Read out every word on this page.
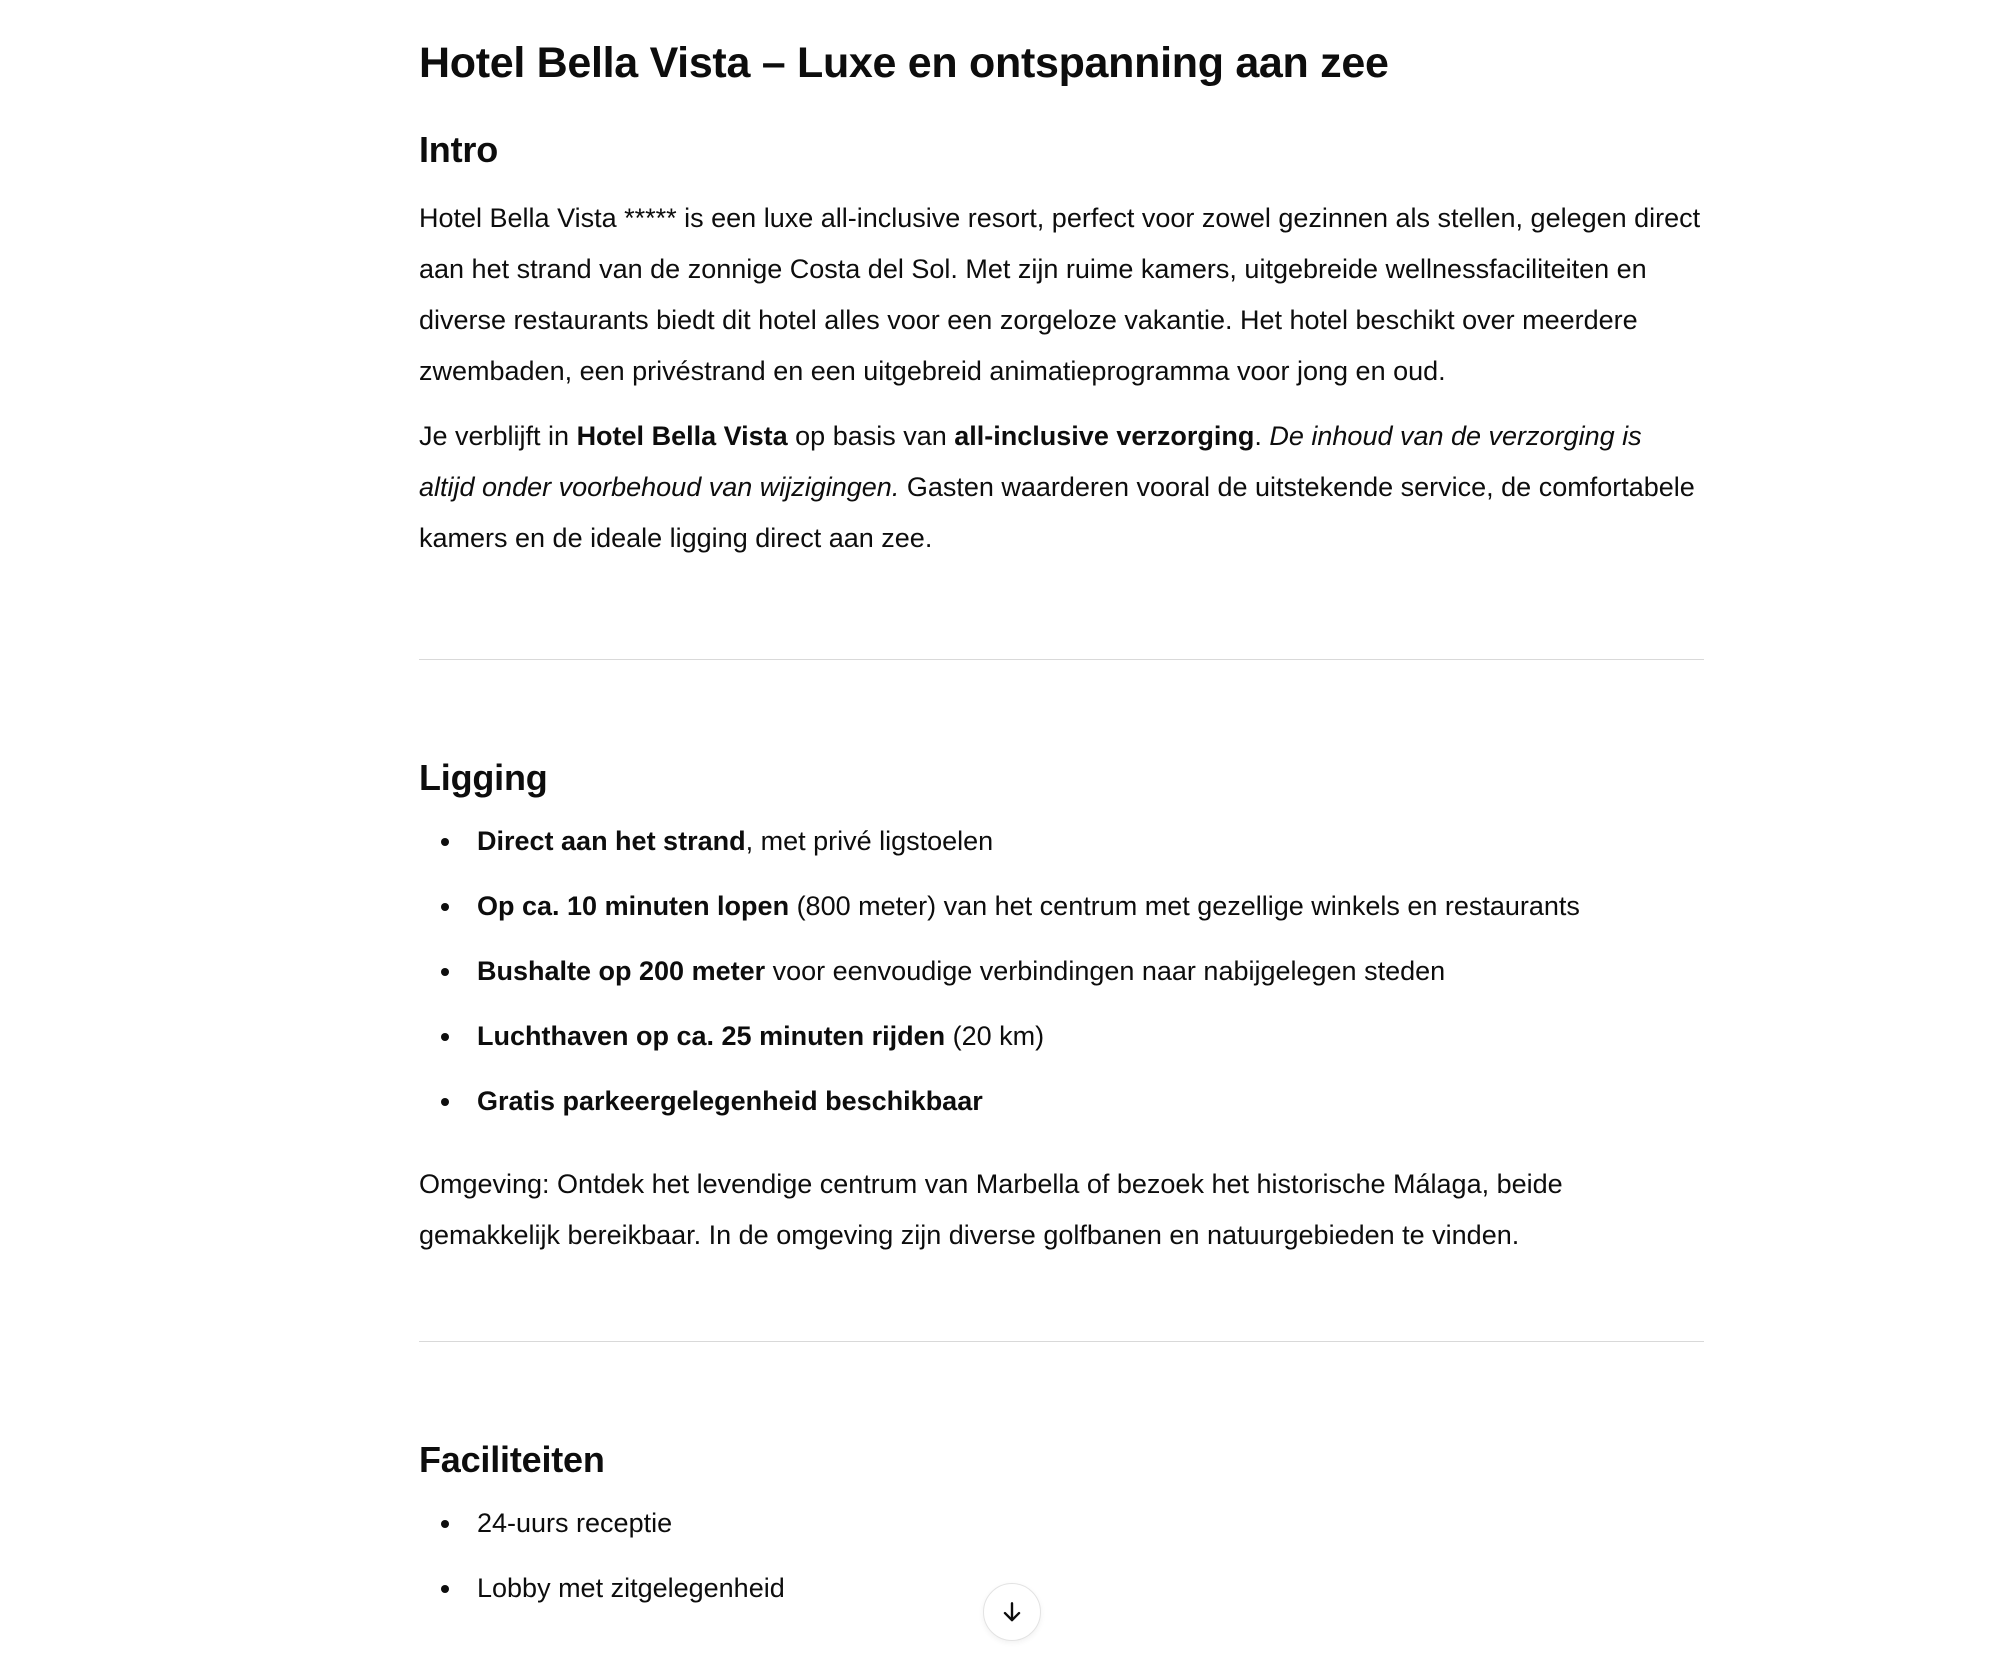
Hotel Bella Vista – Luxe en ontspanning aan zee
Intro

Hotel Bella Vista ***** is een luxe all-inclusive resort, perfect voor zowel gezinnen als stellen, gelegen direct aan het strand van de zonnige Costa del Sol. Met zijn ruime kamers, uitgebreide wellnessfaciliteiten en diverse restaurants biedt dit hotel alles voor een zorgeloze vakantie. Het hotel beschikt over meerdere zwembaden, een privéstrand en een uitgebreid animatieprogramma voor jong en oud.

Je verblijft in Hotel Bella Vista op basis van all-inclusive verzorging. De inhoud van de verzorging is altijd onder voorbehoud van wijzigingen. Gasten waarderen vooral de uitstekende service, de comfortabele kamers en de ideale ligging direct aan zee.

Ligging
Direct aan het strand, met privé ligstoelen
Op ca. 10 minuten lopen (800 meter) van het centrum met gezellige winkels en restaurants
Bushalte op 200 meter voor eenvoudige verbindingen naar nabijgelegen steden
Luchthaven op ca. 25 minuten rijden (20 km)
Gratis parkeergelegenheid beschikbaar

Omgeving: Ontdek het levendige centrum van Marbella of bezoek het historische Málaga, beide gemakkelijk bereikbaar. In de omgeving zijn diverse golfbanen en natuurgebieden te vinden.

Faciliteiten
24-uurs receptie
Lobby met zitgelegenheid
